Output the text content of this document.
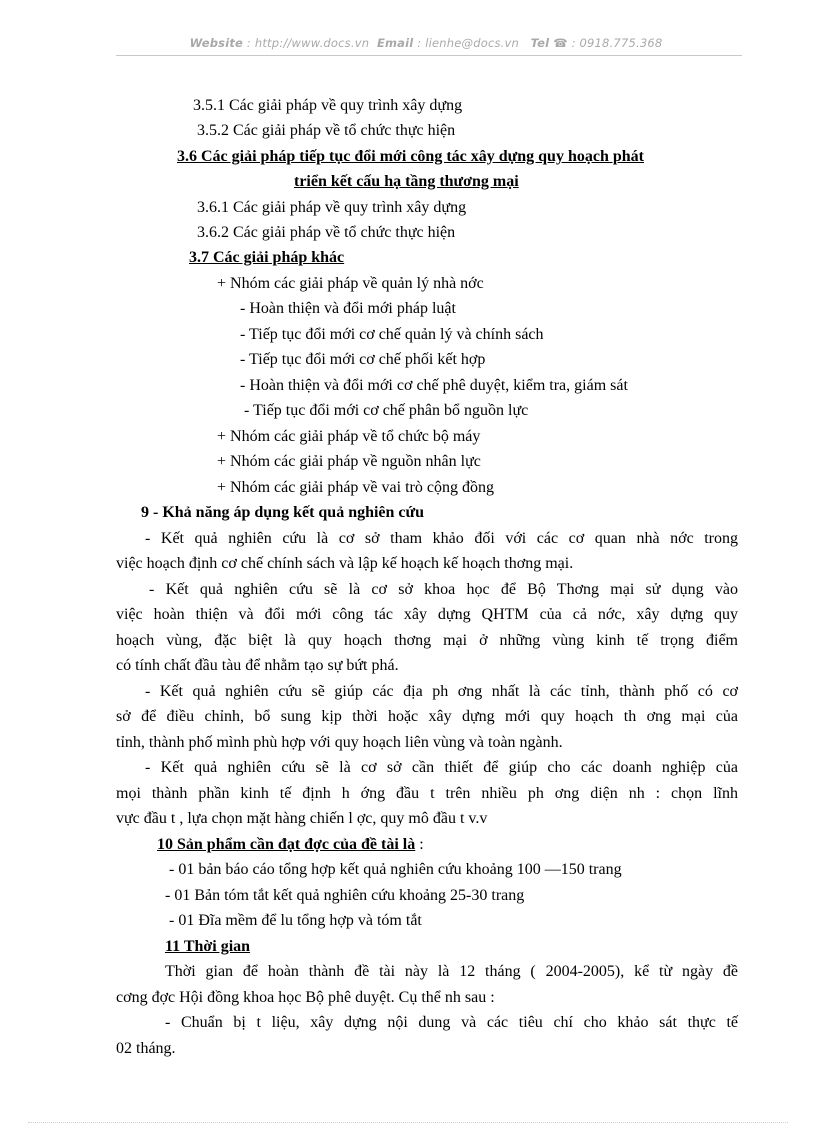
Website : http://www.docs.vn Email : lienhe@docs.vn Tel ☎ : 0918.775.368
3.5.1 Các giải pháp về quy trình xây dựng
3.5.2 Các giải pháp về tổ chức thực hiện
3.6 Các giải pháp tiếp tục đổi mới công tác xây dựng quy hoạch phát
triển kết cấu hạ tầng thương mại
3.6.1 Các giải pháp về quy trình xây dựng
3.6.2 Các giải pháp về tổ chức thực hiện
3.7 Các giải pháp khác
+ Nhóm các giải pháp về quản lý nhà nớc
- Hoàn thiện và đổi mới pháp luật
- Tiếp tục đổi mới cơ chế quản lý và chính sách
- Tiếp tục đổi mới cơ chế phối kết hợp
- Hoàn thiện và đổi mới cơ chế phê duyệt, kiểm tra, giám sát
- Tiếp tục đổi mới cơ chế phân bổ nguồn lực
+ Nhóm các giải pháp về tổ chức bộ máy
+ Nhóm các giải pháp về nguồn nhân lực
+ Nhóm các giải pháp về vai trò cộng đồng
9 - Khả năng áp dụng kết quả nghiên cứu
- Kết quả nghiên cứu là cơ sở tham khảo đối với các cơ quan nhà nớc trong
việc hoạch định cơ chế chính sách và lập kế hoạch kế hoạch thơng mại.
- Kết quả nghiên cứu sẽ là cơ sở khoa học để Bộ Thơng mại sử dụng vào
việc hoàn thiện và đổi mới công tác xây dựng QHTM của cả nớc, xây dựng quy
hoạch vùng, đặc biệt là quy hoạch thơng mại ở những vùng kinh tế trọng điểm
có tính chất đầu tàu để nhằm tạo sự bứt phá.
- Kết quả nghiên cứu sẽ giúp các địa ph ơng nhất là các tỉnh, thành phố có cơ
sở để điều chỉnh, bổ sung kịp thời hoặc xây dựng mới quy hoạch th ơng mại của
tỉnh, thành phố mình phù hợp với quy hoạch liên vùng và toàn ngành.
- Kết quả nghiên cứu sẽ là cơ sở cần thiết để giúp cho các doanh nghiệp của
mọi thành phần kinh tế định h ớng đầu t trên nhiều ph ơng diện nh : chọn lĩnh
vực đầu t , lựa chọn mặt hàng chiến l ợc, quy mô đầu t v.v
10 Sản phẩm cần đạt đợc của đề tài là :
- 01 bản báo cáo tổng hợp kết quả nghiên cứu khoảng 100 —150 trang
- 01 Bản tóm tắt kết quả nghiên cứu khoảng 25-30 trang
- 01 Đĩa mềm để lu tổng hợp và tóm tắt
11 Thời gian
Thời gian để hoàn thành đề tài này là 12 tháng ( 2004-2005), kể từ ngày đề
cơng đợc Hội đồng khoa học Bộ phê duyệt. Cụ thể nh sau :
- Chuẩn bị t liệu, xây dựng nội dung và các tiêu chí cho khảo sát thực tế
02 tháng.
